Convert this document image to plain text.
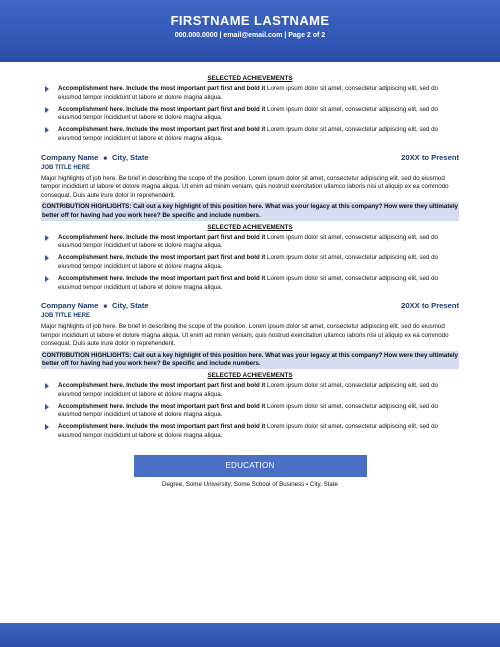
FIRSTNAME LASTNAME
000.000.0000 | email@email.com | Page 2 of 2
SELECTED ACHIEVEMENTS
Accomplishment here. Include the most important part first and bold it Lorem ipsum dolor sit amet, consectetur adipiscing elit, sed do eiusmod tempor incididunt ut labore et dolore magna aliqua.
Accomplishment here. Include the most important part first and bold it Lorem ipsum dolor sit amet, consectetur adipiscing elit, sed do eiusmod tempor incididunt ut labore et dolore magna aliqua.
Accomplishment here. Include the most important part first and bold it Lorem ipsum dolor sit amet, consectetur adipiscing elit, sed do eiusmod tempor incididunt ut labore et dolore magna aliqua.
Company Name ■ City, State	20XX to Present
JOB TITLE HERE
Major highlights of job here. Be brief in describing the scope of the position. Lorem ipsum dolor sit amet, consectetur adipiscing elit, sed do eiusmod tempor incididunt ut labore et dolore magna aliqua. Ut enim ad minim veniam, quis nostrud exercitation ullamco laboris nisi ut aliquip ex ea commodo consequat. Duis aute irure dolor in reprehenderit.
CONTRIBUTION HIGHLIGHTS: Call out a key highlight of this position here. What was your legacy at this company? How were they ultimately better off for having had you work here? Be specific and include numbers.
SELECTED ACHIEVEMENTS
Accomplishment here. Include the most important part first and bold it Lorem ipsum dolor sit amet, consectetur adipiscing elit, sed do eiusmod tempor incididunt ut labore et dolore magna aliqua.
Accomplishment here. Include the most important part first and bold it Lorem ipsum dolor sit amet, consectetur adipiscing elit, sed do eiusmod tempor incididunt ut labore et dolore magna aliqua.
Accomplishment here. Include the most important part first and bold it Lorem ipsum dolor sit amet, consectetur adipiscing elit, sed do eiusmod tempor incididunt ut labore et dolore magna aliqua.
Company Name ■ City, State	20XX to Present
JOB TITLE HERE
Major highlights of job here. Be brief in describing the scope of the position. Lorem ipsum dolor sit amet, consectetur adipiscing elit, sed do eiusmod tempor incididunt ut labore et dolore magna aliqua. Ut enim ad minim veniam, quis nostrud exercitation ullamco laboris nisi ut aliquip ex ea commodo consequat. Duis aute irure dolor in reprehenderit.
CONTRIBUTION HIGHLIGHTS: Call out a key highlight of this position here. What was your legacy at this company? How were they ultimately better off for having had you work here? Be specific and include numbers.
SELECTED ACHIEVEMENTS
Accomplishment here. Include the most important part first and bold it Lorem ipsum dolor sit amet, consectetur adipiscing elit, sed do eiusmod tempor incididunt ut labore et dolore magna aliqua.
Accomplishment here. Include the most important part first and bold it Lorem ipsum dolor sit amet, consectetur adipiscing elit, sed do eiusmod tempor incididunt ut labore et dolore magna aliqua.
Accomplishment here. Include the most important part first and bold it Lorem ipsum dolor sit amet, consectetur adipiscing elit, sed do eiusmod tempor incididunt ut labore et dolore magna aliqua.
EDUCATION
Degree, Some University, Some School of Business ▪ City, State
